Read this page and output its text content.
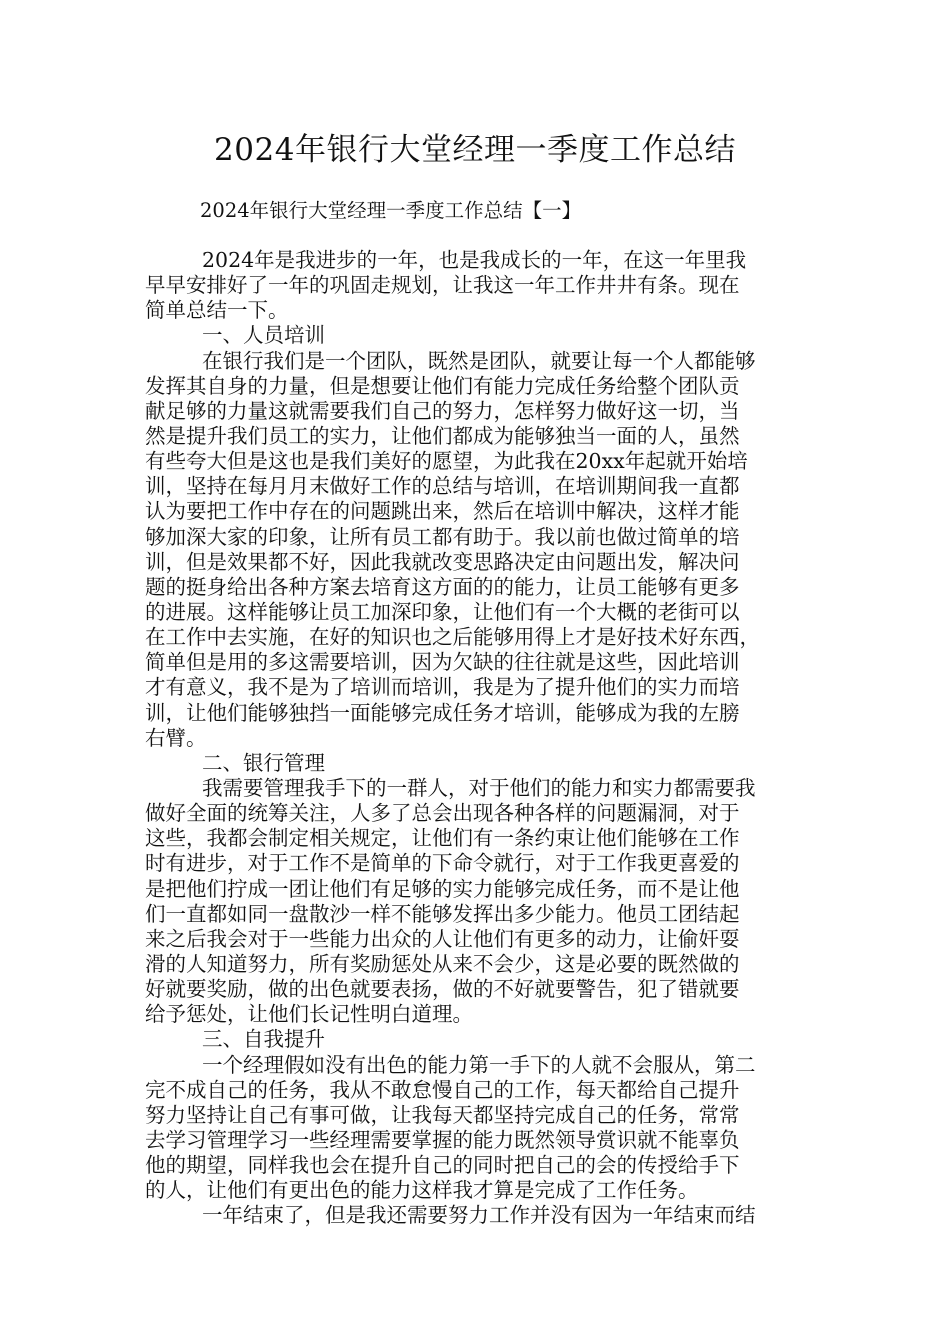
2024年银行大堂经理一季度工作总结
2024年银行大堂经理一季度工作总结【一】

2024年是我进步的一年，也是我成长的一年，在这一年里我

早早安排好了一年的巩固走规划，让我这一年工作井井有条。现在

简单总结一下。

一、人员培训

在银行我们是一个团队，既然是团队，就要让每一个人都能够

发挥其自身的力量，但是想要让他们有能力完成任务给整个团队贡

献足够的力量这就需要我们自己的努力，怎样努力做好这一切，当

然是提升我们员工的实力，让他们都成为能够独当一面的人，虽然

有些夸大但是这也是我们美好的愿望，为此我在20xx年起就开始培

训，坚持在每月月末做好工作的总结与培训，在培训期间我一直都

认为要把工作中存在的问题跳出来，然后在培训中解决，这样才能

够加深大家的印象，让所有员工都有助于。我以前也做过简单的培

训，但是效果都不好，因此我就改变思路决定由问题出发，解决问

题的挺身给出各种方案去培育这方面的的能力，让员工能够有更多

的进展。这样能够让员工加深印象，让他们有一个大概的老街可以

在工作中去实施，在好的知识也之后能够用得上才是好技术好东西，

简单但是用的多这需要培训，因为欠缺的往往就是这些，因此培训

才有意义，我不是为了培训而培训，我是为了提升他们的实力而培

训，让他们能够独挡一面能够完成任务才培训，能够成为我的左膀

右臂。

二、银行管理

我需要管理我手下的一群人，对于他们的能力和实力都需要我

做好全面的统筹关注，人多了总会出现各种各样的问题漏洞，对于

这些，我都会制定相关规定，让他们有一条约束让他们能够在工作

时有进步，对于工作不是简单的下命令就行，对于工作我更喜爱的

是把他们拧成一团让他们有足够的实力能够完成任务，而不是让他

们一直都如同一盘散沙一样不能够发挥出多少能力。他员工团结起

来之后我会对于一些能力出众的人让他们有更多的动力，让偷奸耍

滑的人知道努力，所有奖励惩处从来不会少，这是必要的既然做的

好就要奖励，做的出色就要表扬，做的不好就要警告，犯了错就要

给予惩处，让他们长记性明白道理。

三、自我提升

一个经理假如没有出色的能力第一手下的人就不会服从，第二

完不成自己的任务，我从不敢怠慢自己的工作，每天都给自己提升

努力坚持让自己有事可做，让我每天都坚持完成自己的任务，常常

去学习管理学习一些经理需要掌握的能力既然领导赏识就不能辜负

他的期望，同样我也会在提升自己的同时把自己的会的传授给手下

的人，让他们有更出色的能力这样我才算是完成了工作任务。

一年结束了，但是我还需要努力工作并没有因为一年结束而结
